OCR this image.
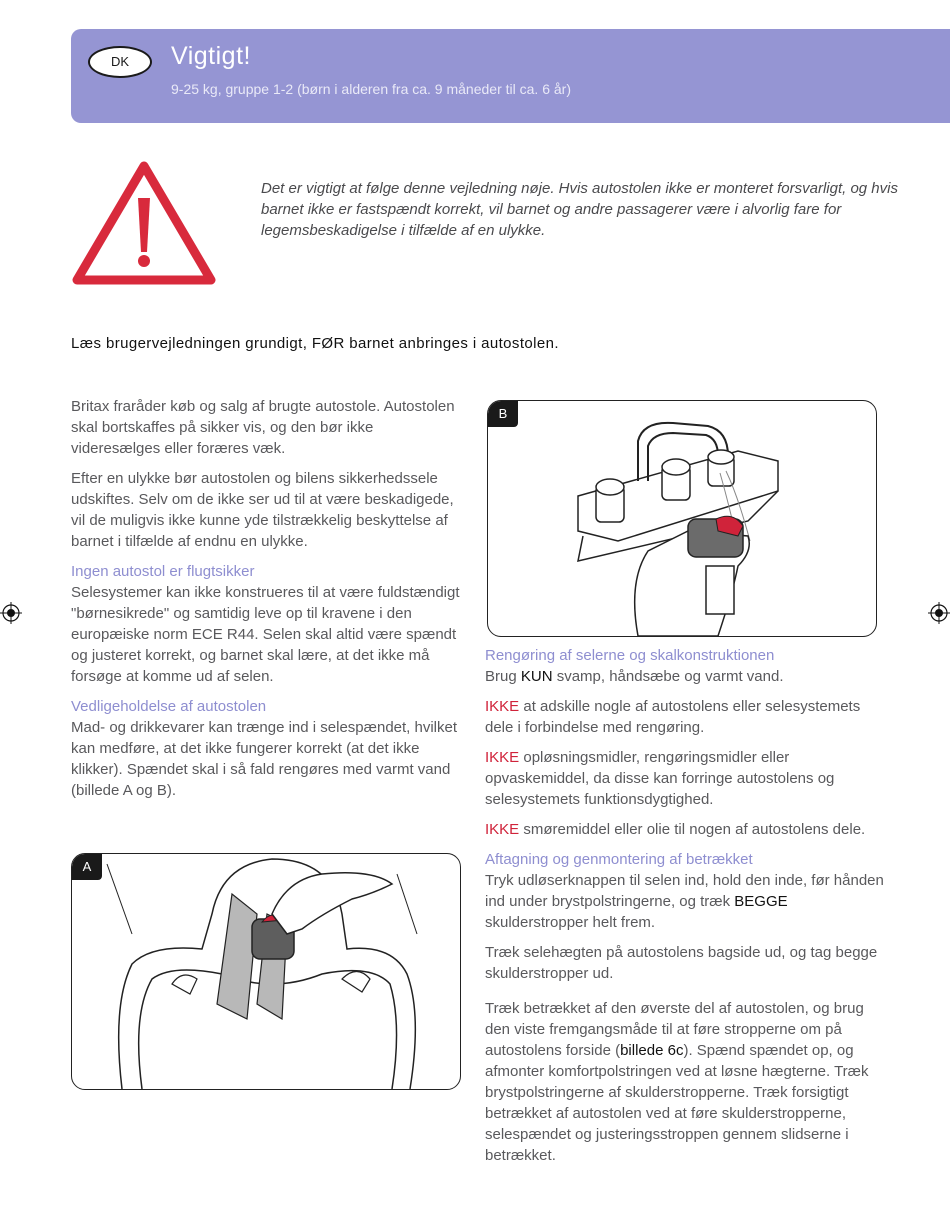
DK	Vigtigt!
9-25 kg, gruppe 1-2 (børn i alderen fra ca. 9 måneder til ca. 6 år)
Det er vigtigt at følge denne vejledning nøje. Hvis autostolen ikke er monteret forsvarligt, og hvis barnet ikke er fastspændt korrekt, vil barnet og andre passagerer være i alvorlig fare for legemsbeskadigelse i tilfælde af en ulykke.
Læs brugervejledningen grundigt, FØR barnet anbringes i autostolen.

Britax fraråder køb og salg af brugte autostole. Autostolen skal bortskaffes på sikker vis, og den bør ikke videresælges eller foræres væk.

Efter en ulykke bør autostolen og bilens sikkerhedssele udskiftes. Selv om de ikke ser ud til at være beskadigede, vil de muligvis ikke kunne yde tilstrækkelig beskyttelse af barnet i tilfælde af endnu en ulykke.

Ingen autostol er flugtsikker

Selesystemer kan ikke konstrueres til at være fuldstændigt "børnesikrede" og samtidig leve op til kravene i den europæiske norm ECE R44. Selen skal altid være spændt og justeret korrekt, og barnet skal lære, at det ikke må forsøge at komme ud af selen.

Vedligeholdelse af autostolen

Mad- og drikkevarer kan trænge ind i selespændet, hvilket kan medføre, at det ikke fungerer korrekt (at det ikke klikker). Spændet skal i så fald rengøres med varmt vand (billede A og B).

B
A
Rengøring af selerne og skalkonstruktionen

Brug KUN svamp, håndsæbe og varmt vand.

IKKE at adskille nogle af autostolens eller selesystemets dele i forbindelse med rengøring.

IKKE opløsningsmidler, rengøringsmidler eller opvaskemiddel, da disse kan forringe autostolens og selesystemets funktionsdygtighed.

IKKE smøremiddel eller olie til nogen af autostolens dele.

Aftagning og genmontering af betrækket

Tryk udløserknappen til selen ind, hold den inde, før hånden ind under brystpolstringerne, og træk BEGGE skulderstropper helt frem.

Træk selehægten på autostolens bagside ud, og tag begge skulderstropper ud.

Træk betrækket af den øverste del af autostolen, og brug den viste fremgangsmåde til at føre stropperne om på autostolens forside (billede 6c). Spænd spændet op, og afmonter komfortpolstringen ved at løsne hægterne. Træk brystpolstringerne af skulderstropperne. Træk forsigtigt betrækket af autostolen ved at føre skulderstropperne, selespændet og justeringsstroppen gennem slidserne i betrækket.
